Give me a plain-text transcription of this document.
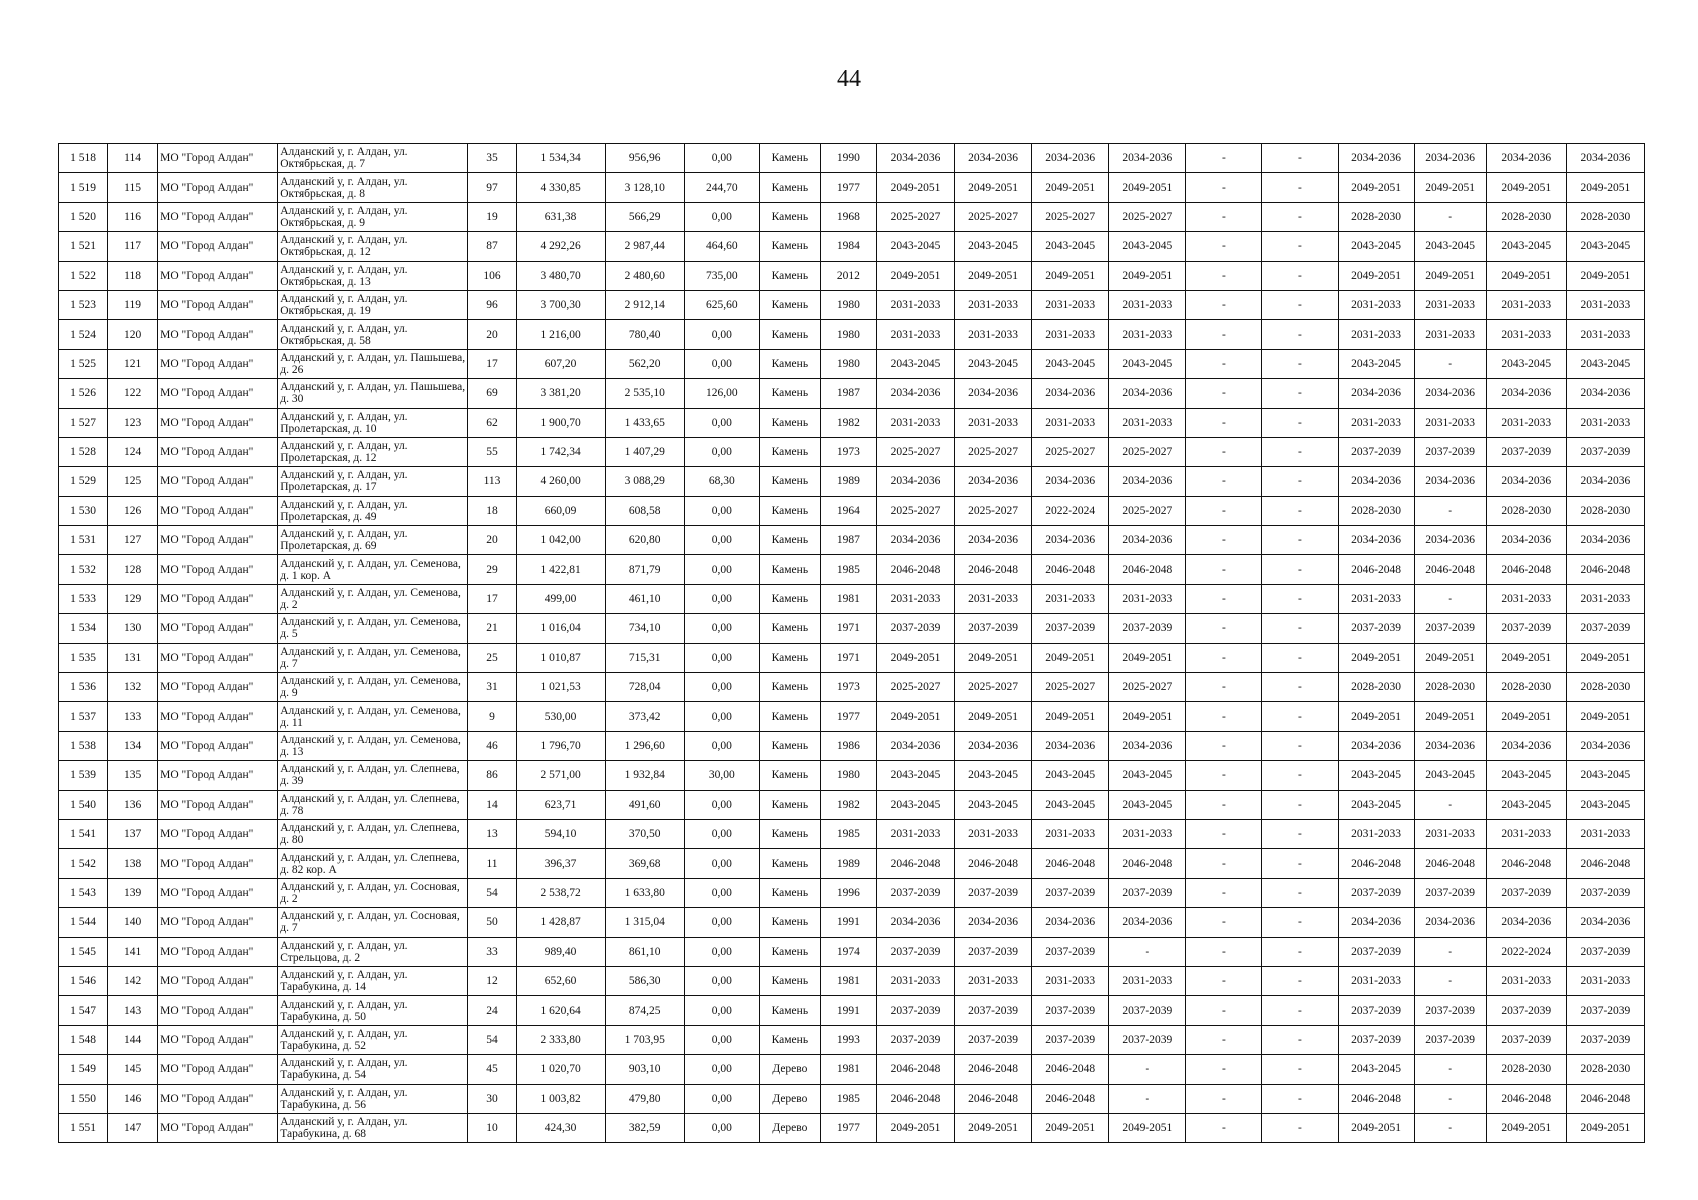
44
1 518	114	МО "Город Алдан"	Алданский у, г. Алдан, ул. Октябрьская, д. 7	35	1 534,34	956,96	0,00	Камень	1990	2034-2036	2034-2036	2034-2036	2034-2036	-	-	2034-2036	2034-2036	2034-2036	2034-2036
1 519	115	МО "Город Алдан"	Алданский у, г. Алдан, ул. Октябрьская, д. 8	97	4 330,85	3 128,10	244,70	Камень	1977	2049-2051	2049-2051	2049-2051	2049-2051	-	-	2049-2051	2049-2051	2049-2051	2049-2051
1 520	116	МО "Город Алдан"	Алданский у, г. Алдан, ул. Октябрьская, д. 9	19	631,38	566,29	0,00	Камень	1968	2025-2027	2025-2027	2025-2027	2025-2027	-	-	2028-2030	-	2028-2030	2028-2030
1 521	117	МО "Город Алдан"	Алданский у, г. Алдан, ул. Октябрьская, д. 12	87	4 292,26	2 987,44	464,60	Камень	1984	2043-2045	2043-2045	2043-2045	2043-2045	-	-	2043-2045	2043-2045	2043-2045	2043-2045
1 522	118	МО "Город Алдан"	Алданский у, г. Алдан, ул. Октябрьская, д. 13	106	3 480,70	2 480,60	735,00	Камень	2012	2049-2051	2049-2051	2049-2051	2049-2051	-	-	2049-2051	2049-2051	2049-2051	2049-2051
1 523	119	МО "Город Алдан"	Алданский у, г. Алдан, ул. Октябрьская, д. 19	96	3 700,30	2 912,14	625,60	Камень	1980	2031-2033	2031-2033	2031-2033	2031-2033	-	-	2031-2033	2031-2033	2031-2033	2031-2033
1 524	120	МО "Город Алдан"	Алданский у, г. Алдан, ул. Октябрьская, д. 58	20	1 216,00	780,40	0,00	Камень	1980	2031-2033	2031-2033	2031-2033	2031-2033	-	-	2031-2033	2031-2033	2031-2033	2031-2033
1 525	121	МО "Город Алдан"	Алданский у, г. Алдан, ул. Пашьшева, д. 26	17	607,20	562,20	0,00	Камень	1980	2043-2045	2043-2045	2043-2045	2043-2045	-	-	2043-2045	-	2043-2045	2043-2045
1 526	122	МО "Город Алдан"	Алданский у, г. Алдан, ул. Пашьшева, д. 30	69	3 381,20	2 535,10	126,00	Камень	1987	2034-2036	2034-2036	2034-2036	2034-2036	-	-	2034-2036	2034-2036	2034-2036	2034-2036
1 527	123	МО "Город Алдан"	Алданский у, г. Алдан, ул. Пролетарская, д. 10	62	1 900,70	1 433,65	0,00	Камень	1982	2031-2033	2031-2033	2031-2033	2031-2033	-	-	2031-2033	2031-2033	2031-2033	2031-2033
1 528	124	МО "Город Алдан"	Алданский у, г. Алдан, ул. Пролетарская, д. 12	55	1 742,34	1 407,29	0,00	Камень	1973	2025-2027	2025-2027	2025-2027	2025-2027	-	-	2037-2039	2037-2039	2037-2039	2037-2039
1 529	125	МО "Город Алдан"	Алданский у, г. Алдан, ул. Пролетарская, д. 17	113	4 260,00	3 088,29	68,30	Камень	1989	2034-2036	2034-2036	2034-2036	2034-2036	-	-	2034-2036	2034-2036	2034-2036	2034-2036
1 530	126	МО "Город Алдан"	Алданский у, г. Алдан, ул. Пролетарская, д. 49	18	660,09	608,58	0,00	Камень	1964	2025-2027	2025-2027	2022-2024	2025-2027	-	-	2028-2030	-	2028-2030	2028-2030
1 531	127	МО "Город Алдан"	Алданский у, г. Алдан, ул. Пролетарская, д. 69	20	1 042,00	620,80	0,00	Камень	1987	2034-2036	2034-2036	2034-2036	2034-2036	-	-	2034-2036	2034-2036	2034-2036	2034-2036
1 532	128	МО "Город Алдан"	Алданский у, г. Алдан, ул. Семенова, д. 1 кор. А	29	1 422,81	871,79	0,00	Камень	1985	2046-2048	2046-2048	2046-2048	2046-2048	-	-	2046-2048	2046-2048	2046-2048	2046-2048
1 533	129	МО "Город Алдан"	Алданский у, г. Алдан, ул. Семенова, д. 2	17	499,00	461,10	0,00	Камень	1981	2031-2033	2031-2033	2031-2033	2031-2033	-	-	2031-2033	-	2031-2033	2031-2033
1 534	130	МО "Город Алдан"	Алданский у, г. Алдан, ул. Семенова, д. 5	21	1 016,04	734,10	0,00	Камень	1971	2037-2039	2037-2039	2037-2039	2037-2039	-	-	2037-2039	2037-2039	2037-2039	2037-2039
1 535	131	МО "Город Алдан"	Алданский у, г. Алдан, ул. Семенова, д. 7	25	1 010,87	715,31	0,00	Камень	1971	2049-2051	2049-2051	2049-2051	2049-2051	-	-	2049-2051	2049-2051	2049-2051	2049-2051
1 536	132	МО "Город Алдан"	Алданский у, г. Алдан, ул. Семенова, д. 9	31	1 021,53	728,04	0,00	Камень	1973	2025-2027	2025-2027	2025-2027	2025-2027	-	-	2028-2030	2028-2030	2028-2030	2028-2030
1 537	133	МО "Город Алдан"	Алданский у, г. Алдан, ул. Семенова, д. 11	9	530,00	373,42	0,00	Камень	1977	2049-2051	2049-2051	2049-2051	2049-2051	-	-	2049-2051	2049-2051	2049-2051	2049-2051
1 538	134	МО "Город Алдан"	Алданский у, г. Алдан, ул. Семенова, д. 13	46	1 796,70	1 296,60	0,00	Камень	1986	2034-2036	2034-2036	2034-2036	2034-2036	-	-	2034-2036	2034-2036	2034-2036	2034-2036
1 539	135	МО "Город Алдан"	Алданский у, г. Алдан, ул. Слепнева, д. 39	86	2 571,00	1 932,84	30,00	Камень	1980	2043-2045	2043-2045	2043-2045	2043-2045	-	-	2043-2045	2043-2045	2043-2045	2043-2045
1 540	136	МО "Город Алдан"	Алданский у, г. Алдан, ул. Слепнева, д. 78	14	623,71	491,60	0,00	Камень	1982	2043-2045	2043-2045	2043-2045	2043-2045	-	-	2043-2045	-	2043-2045	2043-2045
1 541	137	МО "Город Алдан"	Алданский у, г. Алдан, ул. Слепнева, д. 80	13	594,10	370,50	0,00	Камень	1985	2031-2033	2031-2033	2031-2033	2031-2033	-	-	2031-2033	2031-2033	2031-2033	2031-2033
1 542	138	МО "Город Алдан"	Алданский у, г. Алдан, ул. Слепнева, д. 82 кор. А	11	396,37	369,68	0,00	Камень	1989	2046-2048	2046-2048	2046-2048	2046-2048	-	-	2046-2048	2046-2048	2046-2048	2046-2048
1 543	139	МО "Город Алдан"	Алданский у, г. Алдан, ул. Сосновая, д. 2	54	2 538,72	1 633,80	0,00	Камень	1996	2037-2039	2037-2039	2037-2039	2037-2039	-	-	2037-2039	2037-2039	2037-2039	2037-2039
1 544	140	МО "Город Алдан"	Алданский у, г. Алдан, ул. Сосновая, д. 7	50	1 428,87	1 315,04	0,00	Камень	1991	2034-2036	2034-2036	2034-2036	2034-2036	-	-	2034-2036	2034-2036	2034-2036	2034-2036
1 545	141	МО "Город Алдан"	Алданский у, г. Алдан, ул. Стрельцова, д. 2	33	989,40	861,10	0,00	Камень	1974	2037-2039	2037-2039	2037-2039	-	-	-	2037-2039	-	2022-2024	2037-2039
1 546	142	МО "Город Алдан"	Алданский у, г. Алдан, ул. Тарабукина, д. 14	12	652,60	586,30	0,00	Камень	1981	2031-2033	2031-2033	2031-2033	2031-2033	-	-	2031-2033	-	2031-2033	2031-2033
1 547	143	МО "Город Алдан"	Алданский у, г. Алдан, ул. Тарабукина, д. 50	24	1 620,64	874,25	0,00	Камень	1991	2037-2039	2037-2039	2037-2039	2037-2039	-	-	2037-2039	2037-2039	2037-2039	2037-2039
1 548	144	МО "Город Алдан"	Алданский у, г. Алдан, ул. Тарабукина, д. 52	54	2 333,80	1 703,95	0,00	Камень	1993	2037-2039	2037-2039	2037-2039	2037-2039	-	-	2037-2039	2037-2039	2037-2039	2037-2039
1 549	145	МО "Город Алдан"	Алданский у, г. Алдан, ул. Тарабукина, д. 54	45	1 020,70	903,10	0,00	Дерево	1981	2046-2048	2046-2048	2046-2048	-	-	-	2043-2045	-	2028-2030	2028-2030
1 550	146	МО "Город Алдан"	Алданский у, г. Алдан, ул. Тарабукина, д. 56	30	1 003,82	479,80	0,00	Дерево	1985	2046-2048	2046-2048	2046-2048	-	-	-	2046-2048	-	2046-2048	2046-2048
1 551	147	МО "Город Алдан"	Алданский у, г. Алдан, ул. Тарабукина, д. 68	10	424,30	382,59	0,00	Дерево	1977	2049-2051	2049-2051	2049-2051	2049-2051	-	-	2049-2051	-	2049-2051	2049-2051
